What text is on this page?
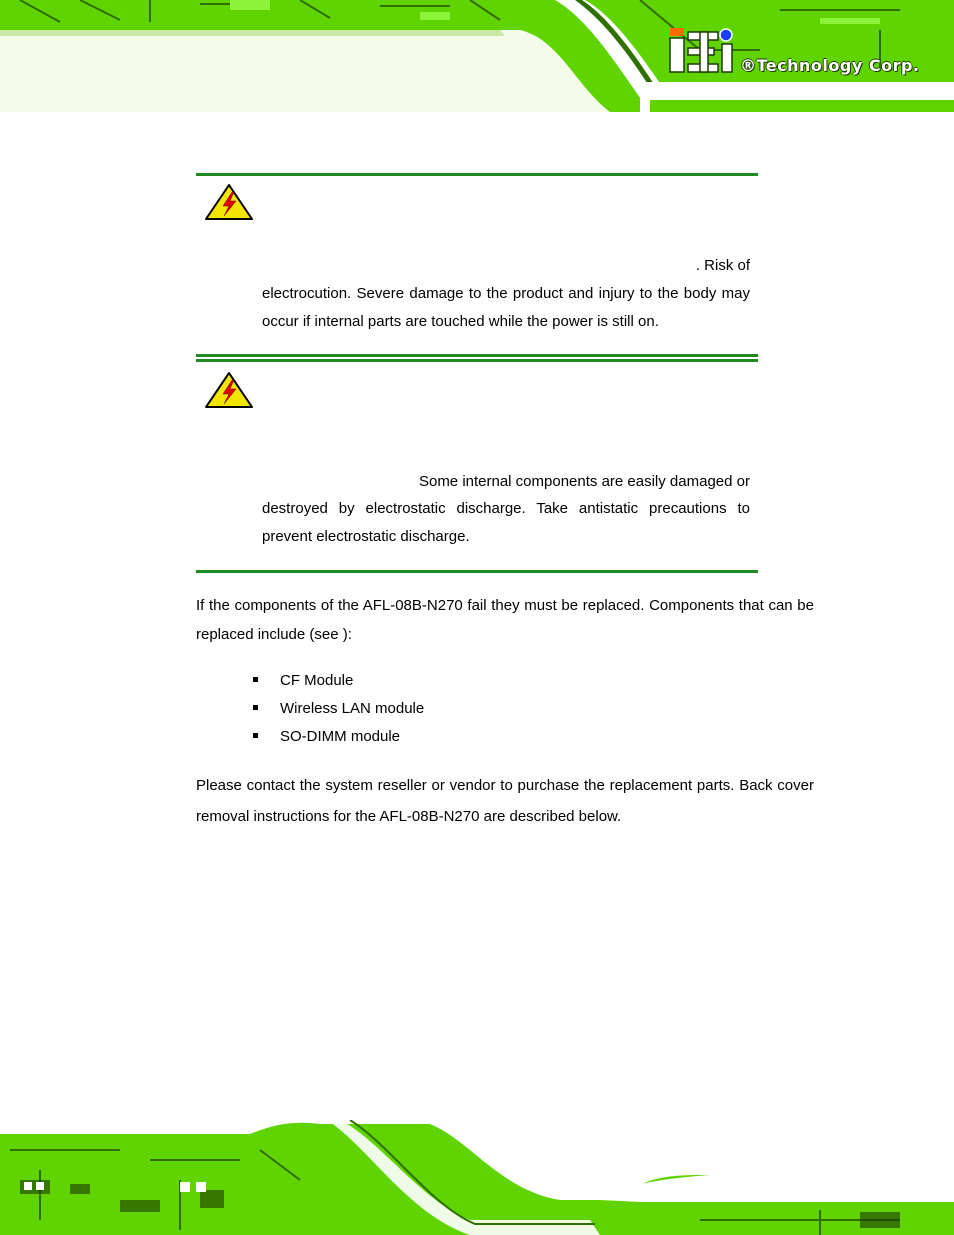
®Technology Corp.

. Risk of

electrocution. Severe damage to the product and injury to the body may occur if internal parts are touched while the power is still on.

Some internal components are easily damaged or

destroyed by electrostatic discharge. Take antistatic precautions to prevent electrostatic discharge.

If the components of the AFL-08B-N270 fail they must be replaced. Components that can be replaced include (see ):

CF Module
Wireless LAN module
SO-DIMM module

Please contact the system reseller or vendor to purchase the replacement parts. Back cover removal instructions for the AFL-08B-N270 are described below.
